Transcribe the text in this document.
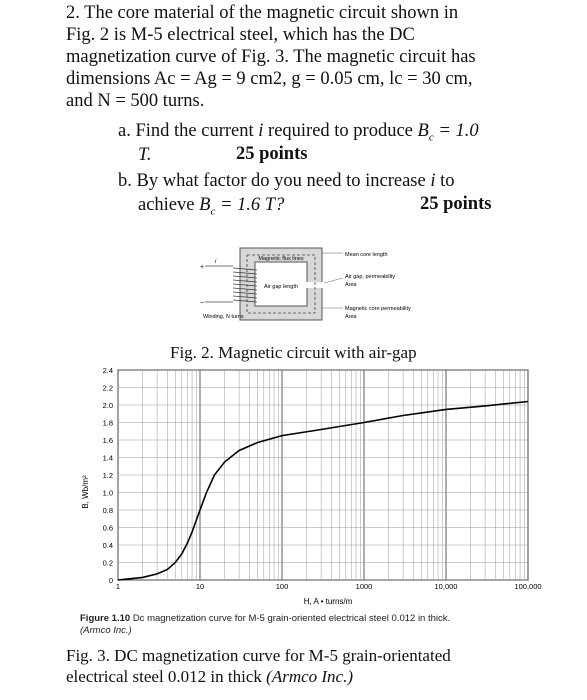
2. The core material of the magnetic circuit shown in

Fig. 2 is M-5 electrical steel, which has the DC

magnetization curve of Fig. 3. The magnetic circuit has

dimensions Ac = Ag = 9 cm2, g = 0.05 cm, lc = 30 cm,

and N = 500 turns.

a. Find the current i required to produce $B_c = 1.0$
T.	25 points
b. By what factor do you need to increase i to
achieve $B_c = 1.6$ T?	25 points
+
−
i	Magnetic flux lines
Air gap length
Mean core length
Air gap, permeability
Area
Magnetic core permeability
Area
Winding, N turns
Fig. 2. Magnetic circuit with air-gap
0
0.2
0.4
0.6
0.8
1.0
1.2
1.4
1.6
1.8
2.0
2.2
2.4
1	10	100	1000	10,000	100,000
B, Wb/m²
H, A • turns/m
Figure 1.10 Dc magnetization curve for M-5 grain-oriented electrical steel 0.012 in thick.
(Armco Inc.)
Fig. 3. DC magnetization curve for M-5 grain-orientated
electrical steel 0.012 in thick (Armco Inc.)
